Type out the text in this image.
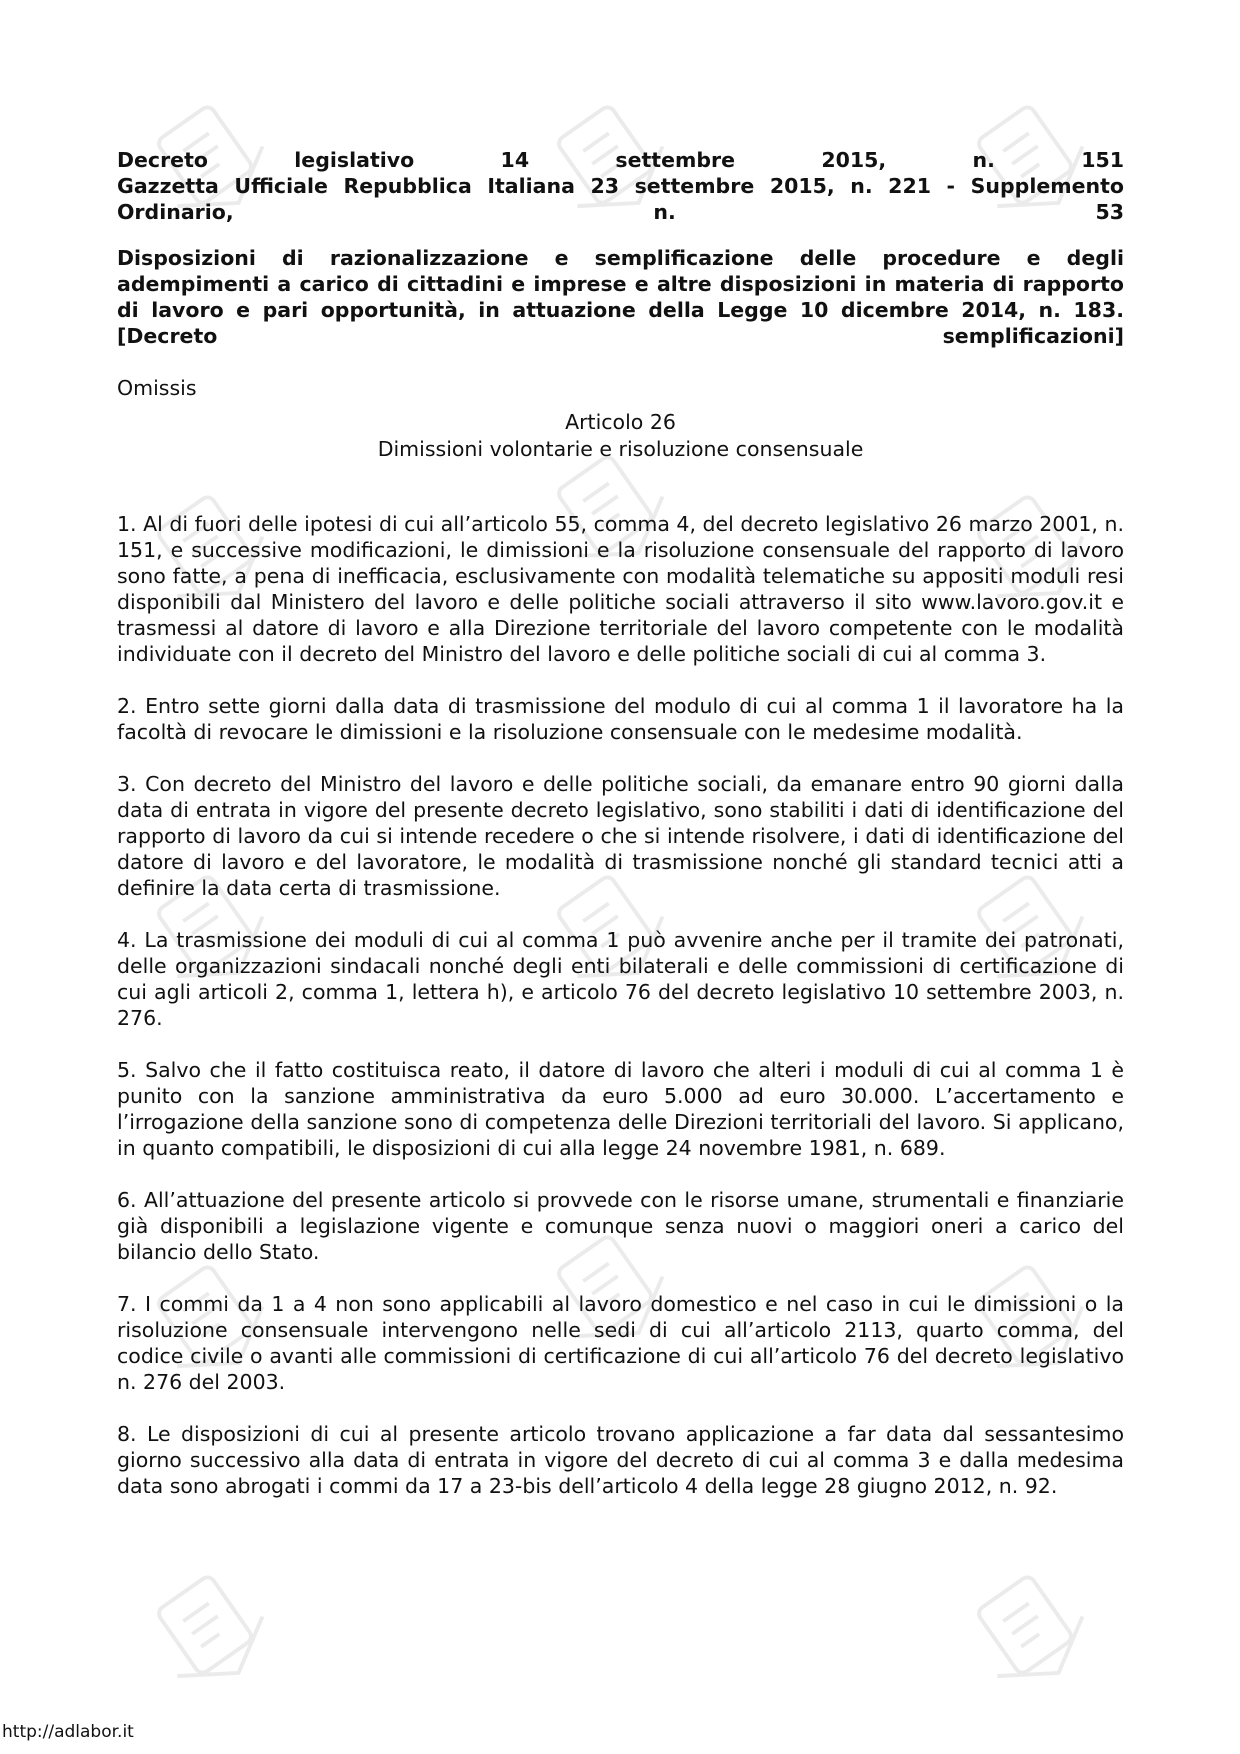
Decreto legislativo 14 settembre 2015, n. 151

Gazzetta Ufficiale Repubblica Italiana 23 settembre 2015, n. 221 - Supplemento

Ordinario, n. 53

Disposizioni di razionalizzazione e semplificazione delle procedure e degli

adempimenti a carico di cittadini e imprese e altre disposizioni in materia di rapporto

di lavoro e pari opportunità, in attuazione della Legge 10 dicembre 2014, n. 183.

[Decreto semplificazioni]

Omissis

Articolo 26

Dimissioni volontarie e risoluzione consensuale

1. Al di fuori delle ipotesi di cui all’articolo 55, comma 4, del decreto legislativo 26 marzo 2001, n. 151, e successive modificazioni, le dimissioni e la risoluzione consensuale del rapporto di lavoro sono fatte, a pena di inefficacia, esclusivamente con modalità telematiche su appositi moduli resi disponibili dal Ministero del lavoro e delle politiche sociali attraverso il sito www.lavoro.gov.it e trasmessi al datore di lavoro e alla Direzione territoriale del lavoro competente con le modalità individuate con il decreto del Ministro del lavoro e delle politiche sociali di cui al comma 3.

2. Entro sette giorni dalla data di trasmissione del modulo di cui al comma 1 il lavoratore ha la facoltà di revocare le dimissioni e la risoluzione consensuale con le medesime modalità.

3. Con decreto del Ministro del lavoro e delle politiche sociali, da emanare entro 90 giorni dalla data di entrata in vigore del presente decreto legislativo, sono stabiliti i dati di identificazione del rapporto di lavoro da cui si intende recedere o che si intende risolvere, i dati di identificazione del datore di lavoro e del lavoratore, le modalità di trasmissione nonché gli standard tecnici atti a definire la data certa di trasmissione.

4. La trasmissione dei moduli di cui al comma 1 può avvenire anche per il tramite dei patronati, delle organizzazioni sindacali nonché degli enti bilaterali e delle commissioni di certificazione di cui agli articoli 2, comma 1, lettera h), e articolo 76 del decreto legislativo 10 settembre 2003, n. 276.

5. Salvo che il fatto costituisca reato, il datore di lavoro che alteri i moduli di cui al comma 1 è punito con la sanzione amministrativa da euro 5.000 ad euro 30.000. L’accertamento e l’irrogazione della sanzione sono di competenza delle Direzioni territoriali del lavoro. Si applicano, in quanto compatibili, le disposizioni di cui alla legge 24 novembre 1981, n. 689.

6. All’attuazione del presente articolo si provvede con le risorse umane, strumentali e finanziarie già disponibili a legislazione vigente e comunque senza nuovi o maggiori oneri a carico del bilancio dello Stato.

7. I commi da 1 a 4 non sono applicabili al lavoro domestico e nel caso in cui le dimissioni o la risoluzione consensuale intervengono nelle sedi di cui all’articolo 2113, quarto comma, del codice civile o avanti alle commissioni di certificazione di cui all’articolo 76 del decreto legislativo n. 276 del 2003.

8. Le disposizioni di cui al presente articolo trovano applicazione a far data dal sessantesimo giorno successivo alla data di entrata in vigore del decreto di cui al comma 3 e dalla medesima data sono abrogati i commi da 17 a 23-bis dell’articolo 4 della legge 28 giugno 2012, n. 92.

http://adlabor.it
